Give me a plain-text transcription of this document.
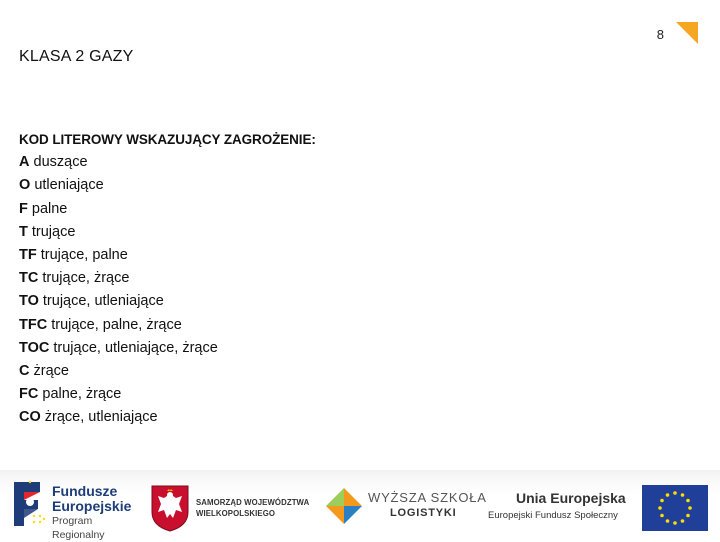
8
KLASA 2 GAZY
KOD LITEROWY WSKAZUJĄCY ZAGROŻENIE:
A duszące
O utleniające
F palne
T trujące
TF trujące, palne
TC trujące, żrące
TO trujące, utleniające
TFC trujące, palne, żrące
TOC trujące, utleniające, żrące
C żrące
FC palne, żrące
CO żrące, utleniające
Fundusze
Europejskie
Program Regionalny
SAMORZĄD WOJEWÓDZTWA
WIELKOPOLSKIEGO
WYŻSZA SZKOŁA
LOGISTYKI
Unia Europejska
Europejski Fundusz Społeczny
